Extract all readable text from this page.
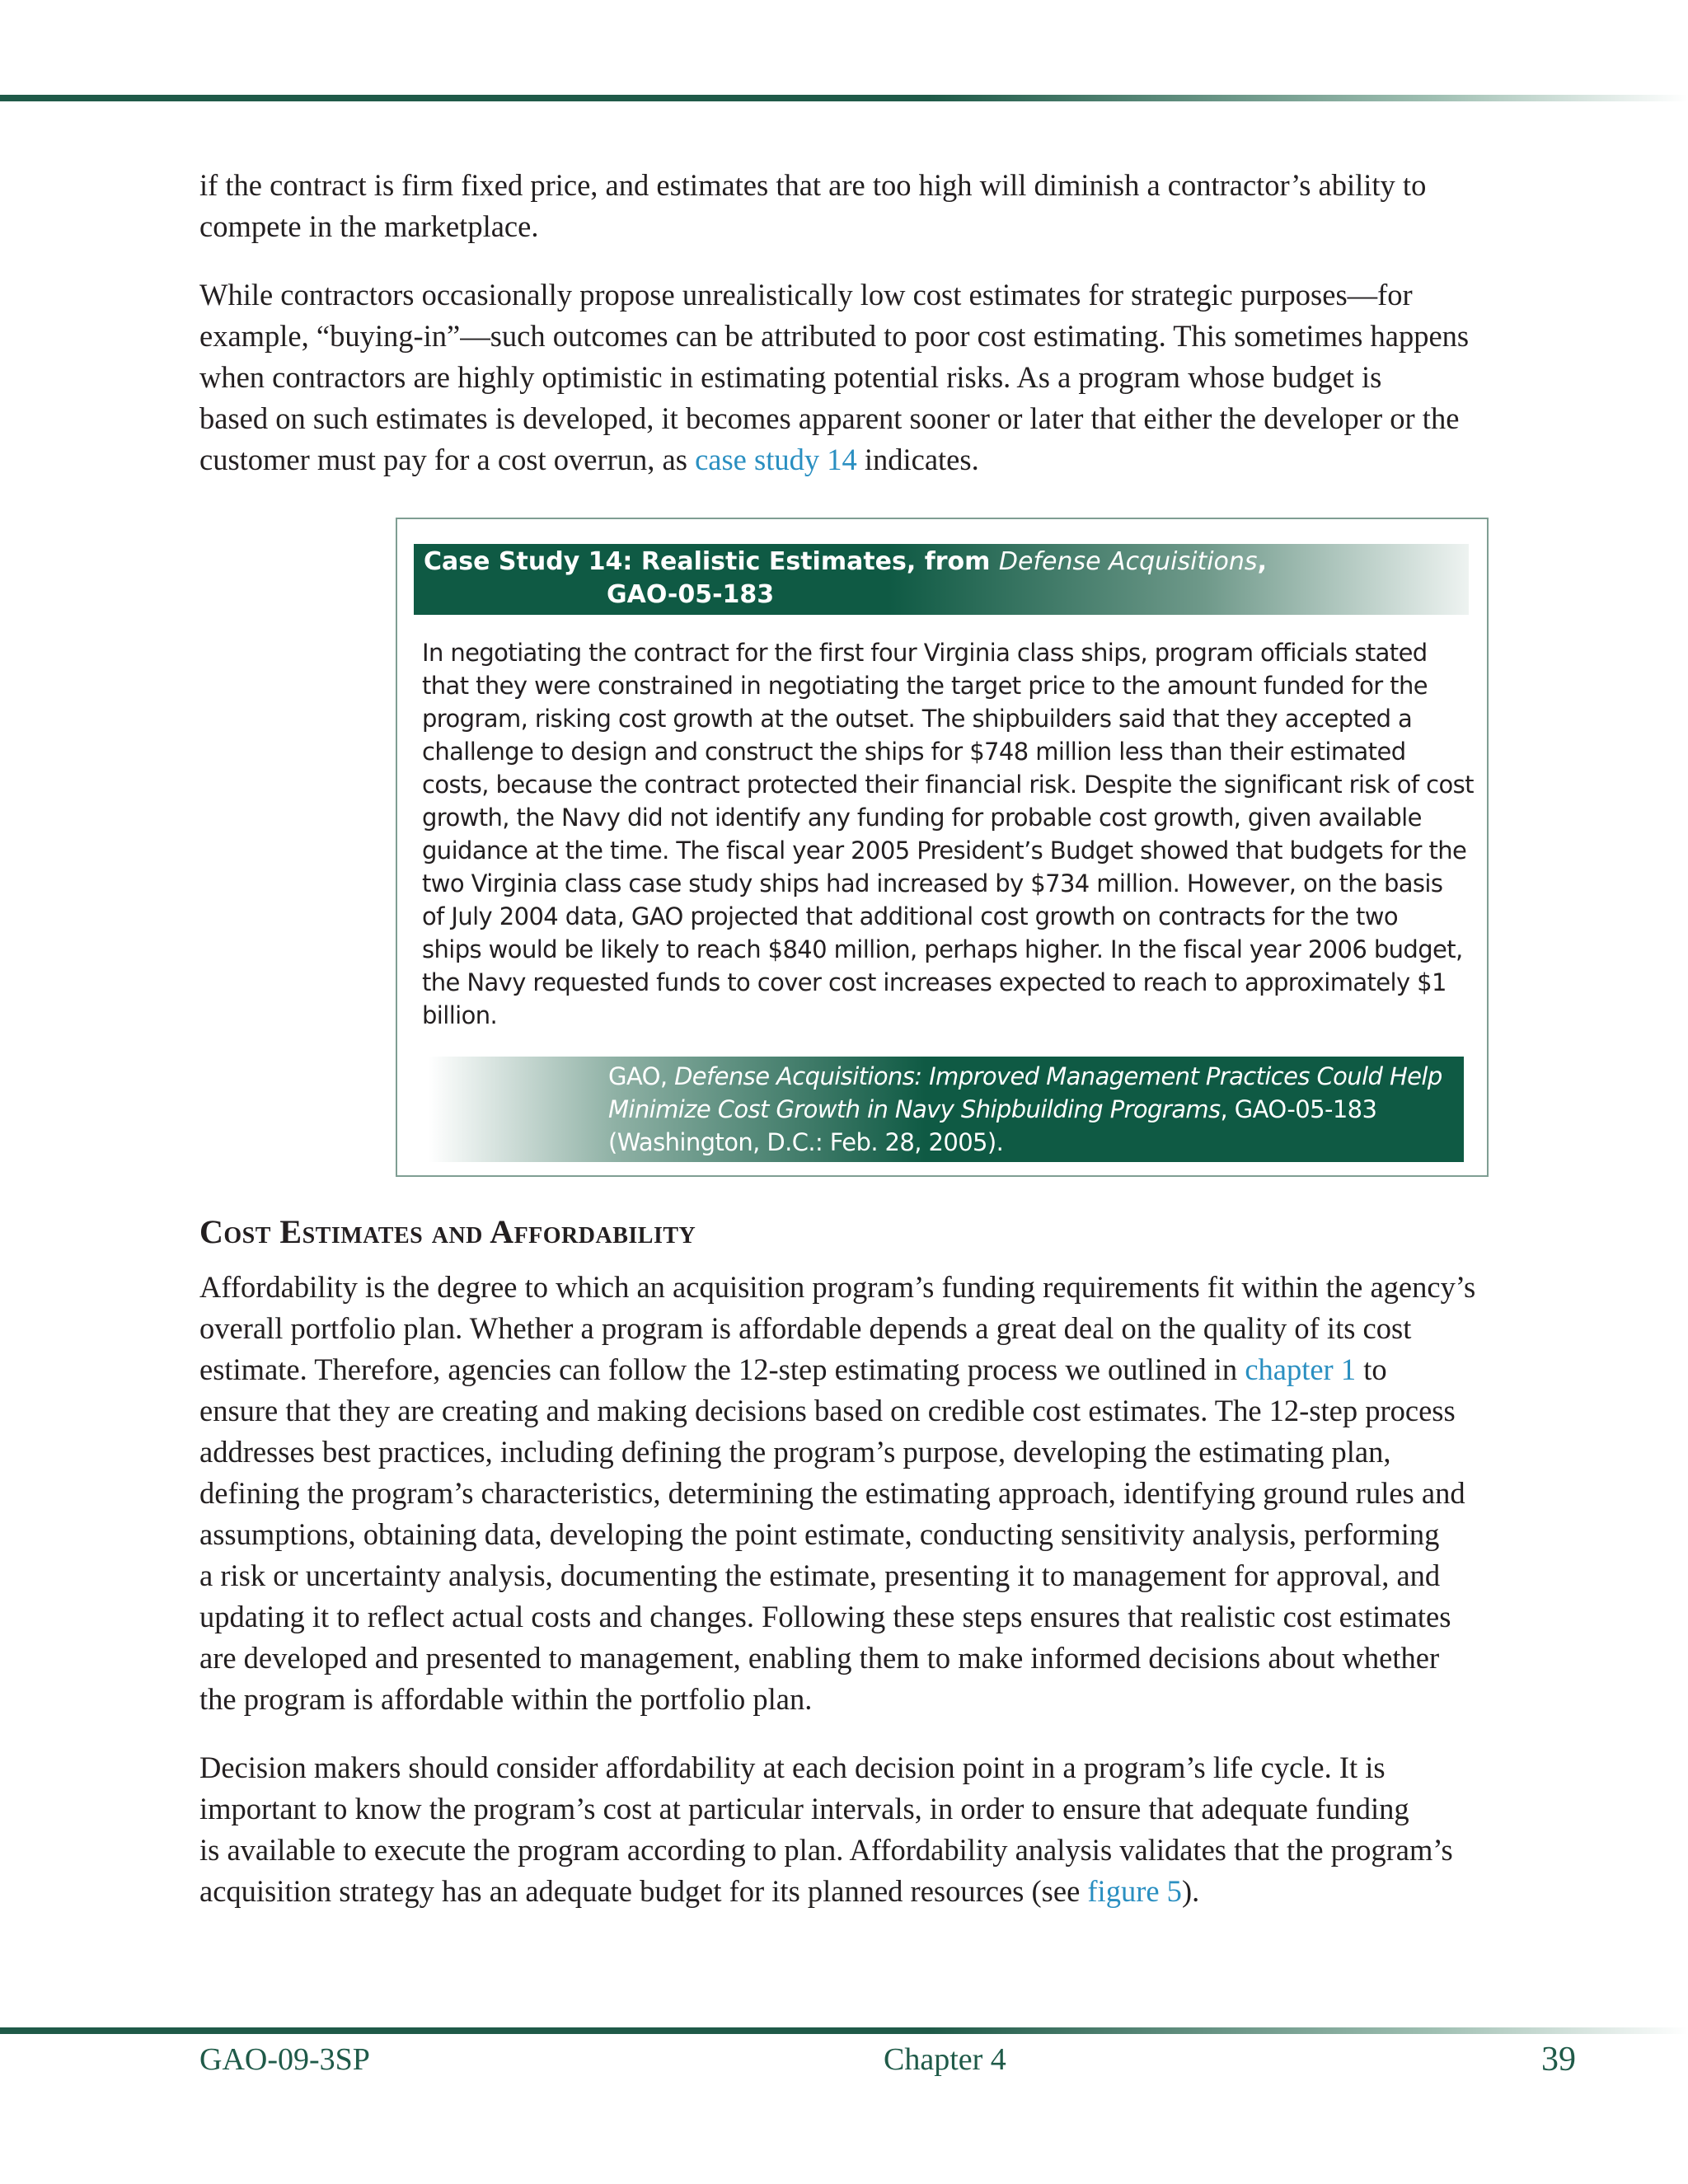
if the contract is firm fixed price, and estimates that are too high will diminish a contractor’s ability to
compete in the marketplace.

While contractors occasionally propose unrealistically low cost estimates for strategic purposes—for
example, “buying-in”—such outcomes can be attributed to poor cost estimating. This sometimes happens
when contractors are highly optimistic in estimating potential risks. As a program whose budget is
based on such estimates is developed, it becomes apparent sooner or later that either the developer or the
customer must pay for a cost overrun, as case study 14 indicates.

Case Study 14: Realistic Estimates, from Defense Acquisitions,
GAO-05-183

In negotiating the contract for the first four Virginia class ships, program officials stated
that they were constrained in negotiating the target price to the amount funded for the
program, risking cost growth at the outset. The shipbuilders said that they accepted a
challenge to design and construct the ships for $748 million less than their estimated
costs, because the contract protected their financial risk. Despite the significant risk of cost
growth, the Navy did not identify any funding for probable cost growth, given available
guidance at the time. The fiscal year 2005 President’s Budget showed that budgets for the
two Virginia class case study ships had increased by $734 million. However, on the basis
of July 2004 data, GAO projected that additional cost growth on contracts for the two
ships would be likely to reach $840 million, perhaps higher. In the fiscal year 2006 budget,
the Navy requested funds to cover cost increases expected to reach to approximately $1
billion.

GAO, Defense Acquisitions: Improved Management Practices Could Help
Minimize Cost Growth in Navy Shipbuilding Programs, GAO-05-183
(Washington, D.C.: Feb. 28, 2005).
Cost Estimates and Affordability

Affordability is the degree to which an acquisition program’s funding requirements fit within the agency’s
overall portfolio plan. Whether a program is affordable depends a great deal on the quality of its cost
estimate. Therefore, agencies can follow the 12-step estimating process we outlined in chapter 1 to
ensure that they are creating and making decisions based on credible cost estimates. The 12-step process
addresses best practices, including defining the program’s purpose, developing the estimating plan,
defining the program’s characteristics, determining the estimating approach, identifying ground rules and
assumptions, obtaining data, developing the point estimate, conducting sensitivity analysis, performing
a risk or uncertainty analysis, documenting the estimate, presenting it to management for approval, and
updating it to reflect actual costs and changes. Following these steps ensures that realistic cost estimates
are developed and presented to management, enabling them to make informed decisions about whether
the program is affordable within the portfolio plan.

Decision makers should consider affordability at each decision point in a program’s life cycle. It is
important to know the program’s cost at particular intervals, in order to ensure that adequate funding
is available to execute the program according to plan. Affordability analysis validates that the program’s
acquisition strategy has an adequate budget for its planned resources (see figure 5).

GAO-09-3SP	Chapter 4	39
